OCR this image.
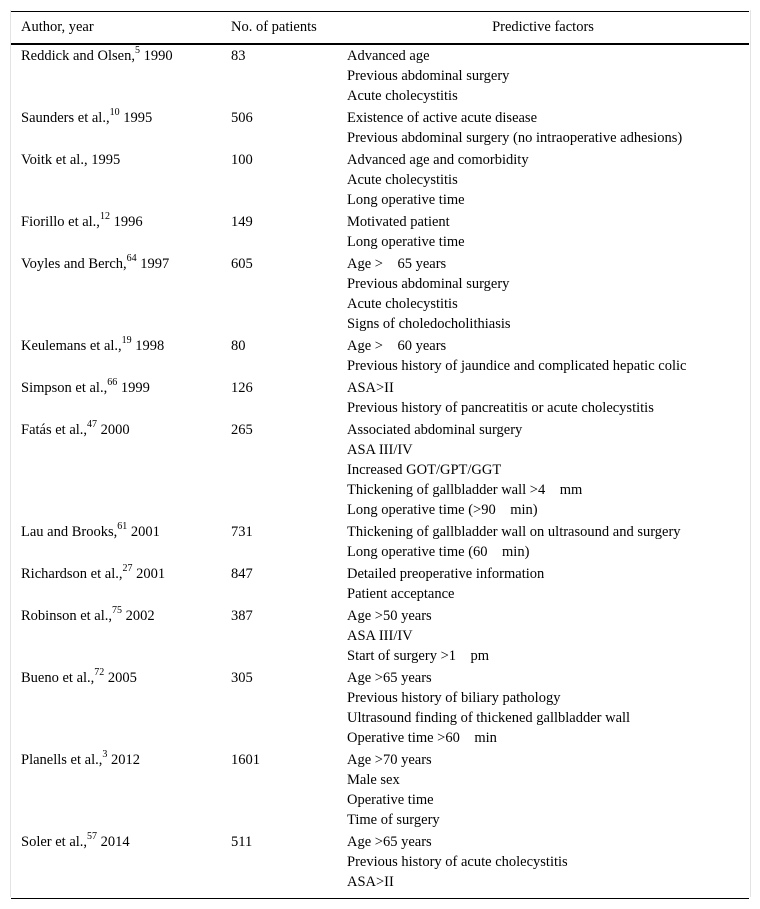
Author, year	No. of patients	Predictive factors
Reddick and Olsen,$^5$ 1990	83	Advanced age
Previous abdominal surgery
Acute cholecystitis

Saunders et al.,$^{10}$ 1995	506	Existence of active acute disease
Previous abdominal surgery (no intraoperative adhesions)

Voitk et al., 1995	100	Advanced age and comorbidity
Acute cholecystitis
Long operative time

Fiorillo et al.,$^{12}$ 1996	149	Motivated patient
Long operative time

Voyles and Berch,$^{64}$ 1997	605	Age >    65 years
Previous abdominal surgery
Acute cholecystitis
Signs of choledocholithiasis

Keulemans et al.,$^{19}$ 1998	80	Age >    60 years
Previous history of jaundice and complicated hepatic colic

Simpson et al.,$^{66}$ 1999	126	ASA>II
Previous history of pancreatitis or acute cholecystitis

Fatás et al.,$^{47}$ 2000	265	Associated abdominal surgery
ASA III/IV
Increased GOT/GPT/GGT
Thickening of gallbladder wall >4    mm
Long operative time (>90    min)

Lau and Brooks,$^{61}$ 2001	731	Thickening of gallbladder wall on ultrasound and surgery
Long operative time (60    min)

Richardson et al.,$^{27}$ 2001	847	Detailed preoperative information
Patient acceptance

Robinson et al.,$^{75}$ 2002	387	Age >50 years
ASA III/IV
Start of surgery >1    pm

Bueno et al.,$^{72}$ 2005	305	Age >65 years
Previous history of biliary pathology
Ultrasound finding of thickened gallbladder wall
Operative time >60    min

Planells et al.,$^3$ 2012	1601	Age >70 years
Male sex
Operative time
Time of surgery

Soler et al.,$^{57}$ 2014	511	Age >65 years
Previous history of acute cholecystitis
ASA>II
